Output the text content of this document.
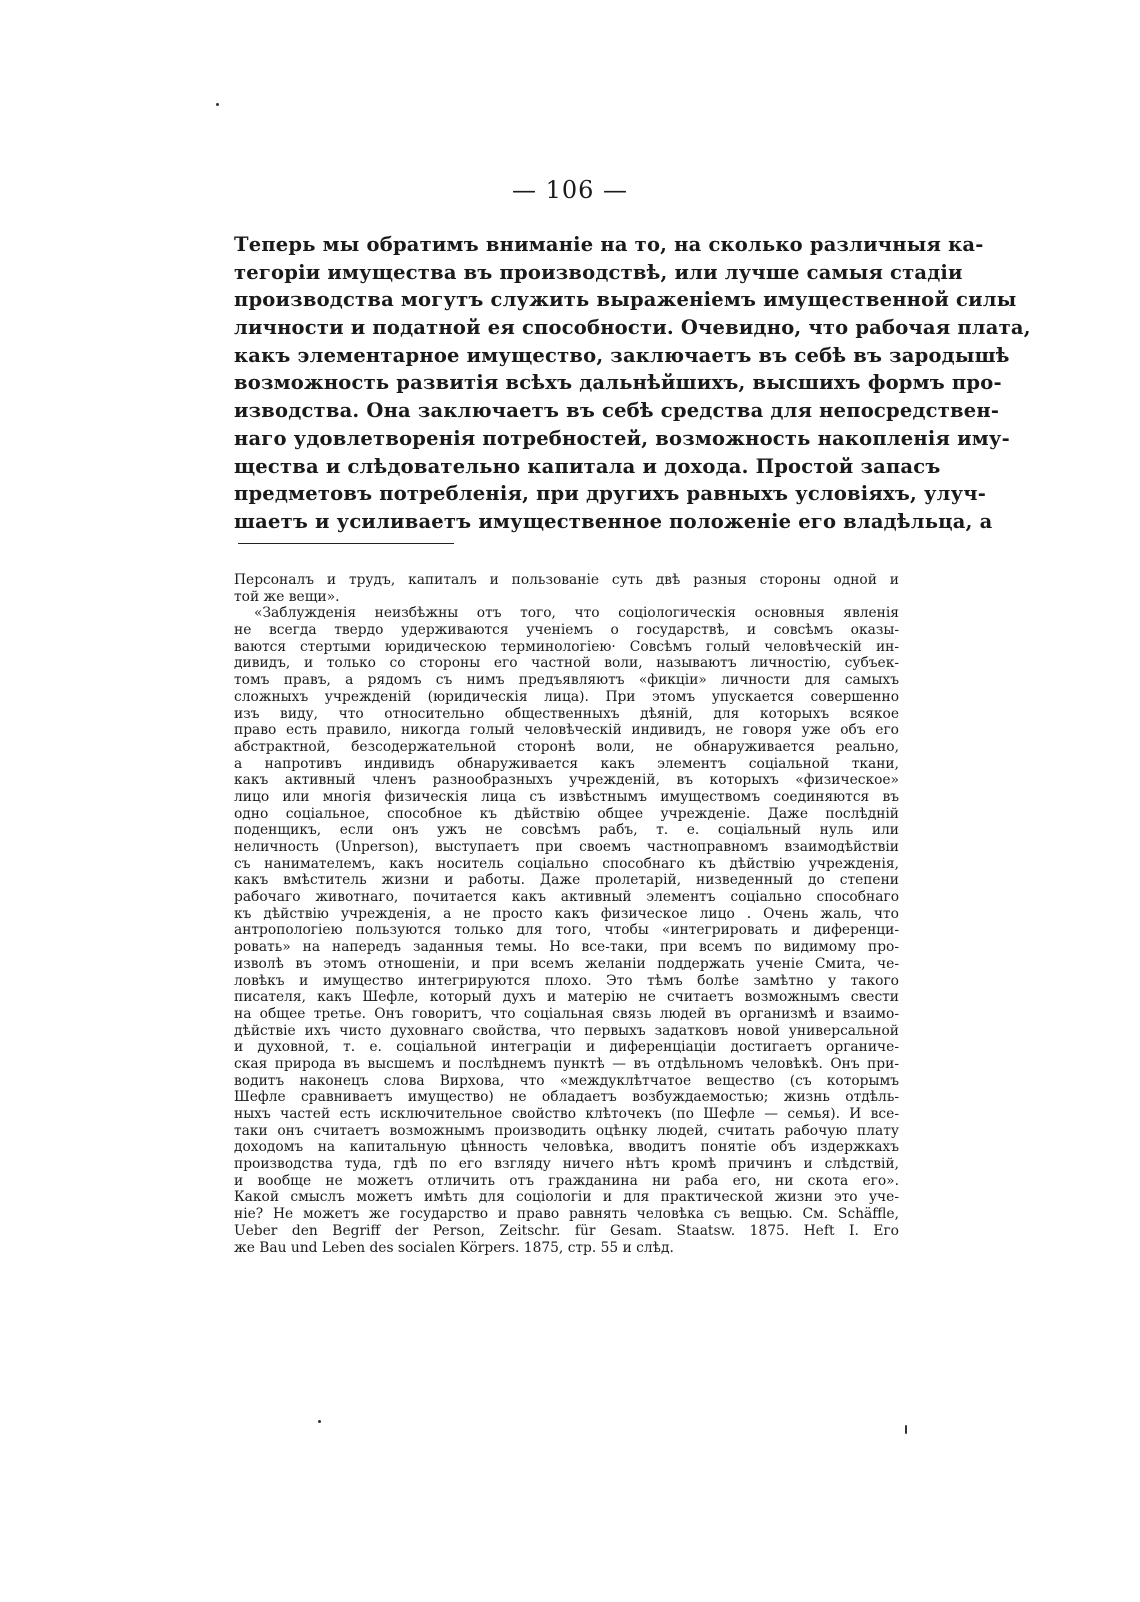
— 106 —
Теперь мы обратимъ вниманіе на то, на сколько различныя ка-
тегоріи имущества въ производствѣ, или лучше самыя стадіи
производства могутъ служить выраженіемъ имущественной силы
личности и податной ея способности. Очевидно, что рабочая плата,
какъ элементарное имущество, заключаетъ въ себѣ въ зародышѣ
возможность развитія всѣхъ дальнѣйшихъ, высшихъ формъ про-
изводства. Она заключаетъ въ себѣ средства для непосредствен-
наго удовлетворенія потребностей, возможность накопленія иму-
щества и слѣдовательно капитала и дохода. Простой запасъ
предметовъ потребленія, при другихъ равныхъ условіяхъ, улуч-
шаетъ и усиливаетъ имущественное положеніе его владѣльца, а
Персоналъ и трудъ, капиталъ и пользованіе суть двѣ разныя стороны одной и
той же вещи».
«Заблужденія неизбѣжны отъ того, что соціологическія основныя явленія
не всегда твердо удерживаются ученіемъ о государствѣ, и совсѣмъ оказы-
ваются стертыми юридическою терминологіею· Совсѣмъ голый человѣческій ин-
дивидъ, и только со стороны его частной воли, называютъ личностію, субъек-
томъ правъ, а рядомъ съ нимъ предъявляютъ «фикціи» личности для самыхъ
сложныхъ учрежденій (юридическія лица). При этомъ упускается совершенно
изъ виду, что относительно общественныхъ дѣяній, для которыхъ всякое
право есть правило, никогда голый человѣческій индивидъ, не говоря уже объ его
абстрактной, безсодержательной сторонѣ воли, не обнаруживается реально,
а напротивъ индивидъ обнаруживается какъ элементъ соціальной ткани,
какъ активный членъ разнообразныхъ учрежденій, въ которыхъ «физическое»
лицо или многія физическія лица съ извѣстнымъ имуществомъ соединяются въ
одно соціальное, способное къ дѣйствію общее учрежденіе. Даже послѣдній
поденщикъ, если онъ ужъ не совсѣмъ рабъ, т. е. соціальный нуль или
неличность (Unperson), выступаетъ при своемъ частноправномъ взаимодѣйствіи
съ нанимателемъ, какъ носитель соціально способнаго къ дѣйствію учрежденія,
какъ вмѣститель жизни и работы. Даже пролетарій, низведенный до степени
рабочаго животнаго, почитается какъ активный элементъ соціально способнаго
къ дѣйствію учрежденія, а не просто какъ физическое лицо . Очень жаль, что
антропологіею пользуются только для того, чтобы «интегрировать и диференци-
ровать» на напередъ заданныя темы. Но все-таки, при всемъ по видимому про-
изволѣ въ этомъ отношеніи, и при всемъ желаніи поддержать ученіе Смита, че-
ловѣкъ и имущество интегрируются плохо. Это тѣмъ болѣе замѣтно у такого
писателя, какъ Шефле, который духъ и матерію не считаетъ возможнымъ свести
на общее третье. Онъ говоритъ, что соціальная связь людей въ организмѣ и взаимо-
дѣйствіе ихъ чисто духовнаго свойства, что первыхъ задатковъ новой универсальной
и духовной, т. е. соціальной интеграціи и диференціаціи достигаетъ органиче-
ская природа въ высшемъ и послѣднемъ пунктѣ — въ отдѣльномъ человѣкѣ. Онъ при-
водитъ наконецъ слова Вирхова, что «междуклѣтчатое вещество (съ которымъ
Шефле сравниваетъ имущество) не обладаетъ возбуждаемостью; жизнь отдѣль-
ныхъ частей есть исключительное свойство клѣточекъ (по Шефле — семья). И все-
таки онъ считаетъ возможнымъ производить оцѣнку людей, считать рабочую плату
доходомъ на капитальную цѣнность человѣка, вводитъ понятіе объ издержкахъ
производства туда, гдѣ по его взгляду ничего нѣтъ кромѣ причинъ и слѣдствій,
и вообще не можетъ отличить отъ гражданина ни раба его, ни скота его».
Какой смыслъ можетъ имѣть для соціологіи и для практической жизни это уче-
ніе? Не можетъ же государство и право равнять человѣка съ вещью. См. Schäffle,
Ueber den Begriff der Person, Zeitschr. für Gesam. Staatsw. 1875. Heft I. Его
же Bau und Leben des socialen Körpers. 1875, стр. 55 и слѣд.
